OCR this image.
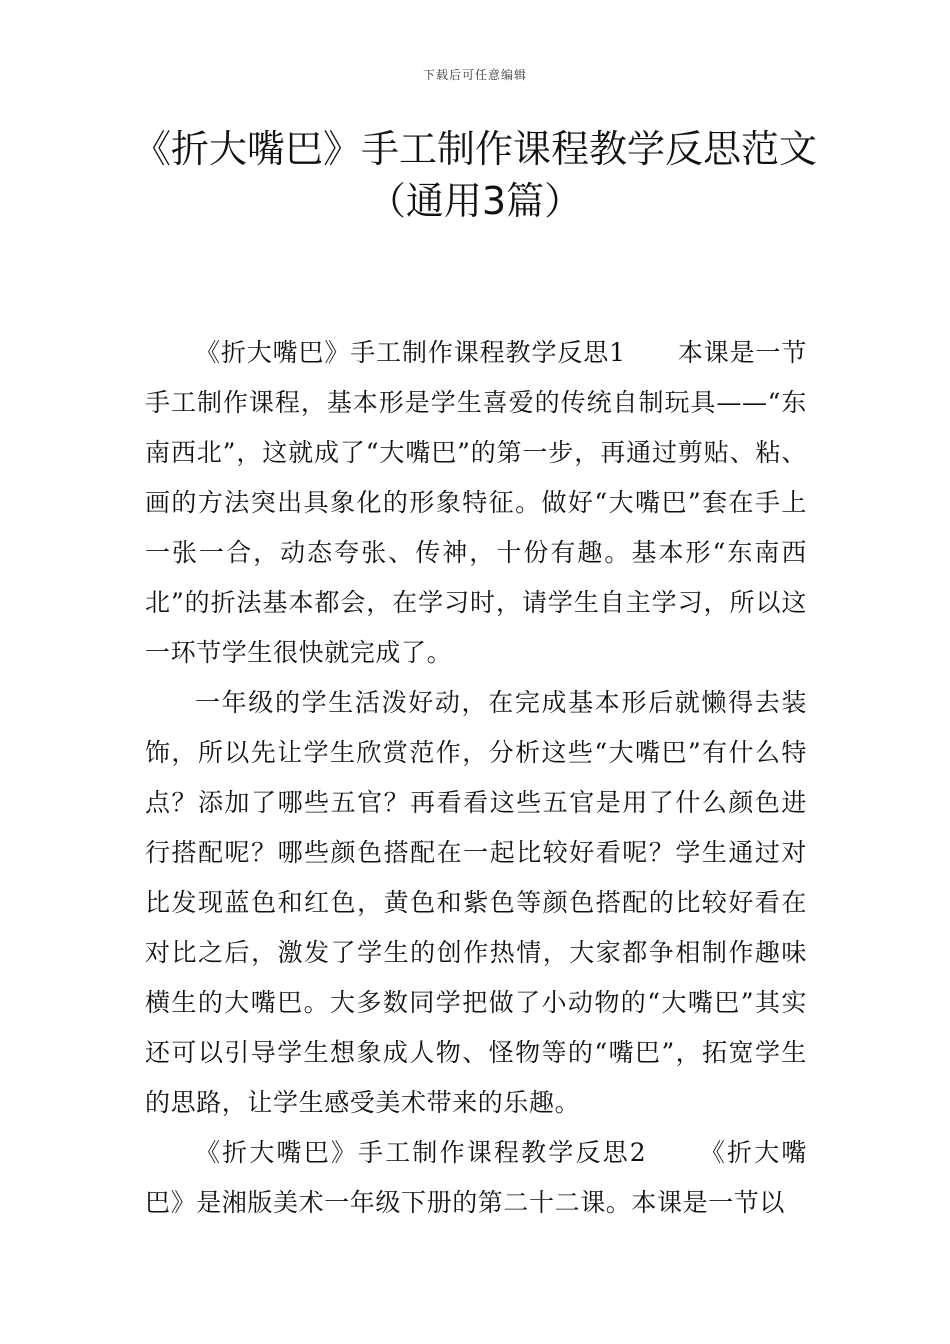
下载后可任意编辑
《折大嘴巴》手工制作课程教学反思范文
（通用3篇）

《折大嘴巴》手工制作课程教学反思1 本课是一节手工制作课程，基本形是学生喜爱的传统自制玩具——“东南西北”，这就成了“大嘴巴”的第一步，再通过剪贴、粘、画的方法突出具象化的形象特征。做好“大嘴巴”套在手上一张一合，动态夸张、传神，十份有趣。基本形“东南西北”的折法基本都会，在学习时，请学生自主学习，所以这一环节学生很快就完成了。

一年级的学生活泼好动，在完成基本形后就懒得去装饰，所以先让学生欣赏范作，分析这些“大嘴巴”有什么特点？添加了哪些五官？再看看这些五官是用了什么颜色进行搭配呢？哪些颜色搭配在一起比较好看呢？学生通过对比发现蓝色和红色，黄色和紫色等颜色搭配的比较好看在对比之后，激发了学生的创作热情，大家都争相制作趣味横生的大嘴巴。大多数同学把做了小动物的“大嘴巴”其实还可以引导学生想象成人物、怪物等的“嘴巴”，拓宽学生的思路，让学生感受美术带来的乐趣。

《折大嘴巴》手工制作课程教学反思2 《折大嘴巴》是湘版美术一年级下册的第二十二课。本课是一节以
